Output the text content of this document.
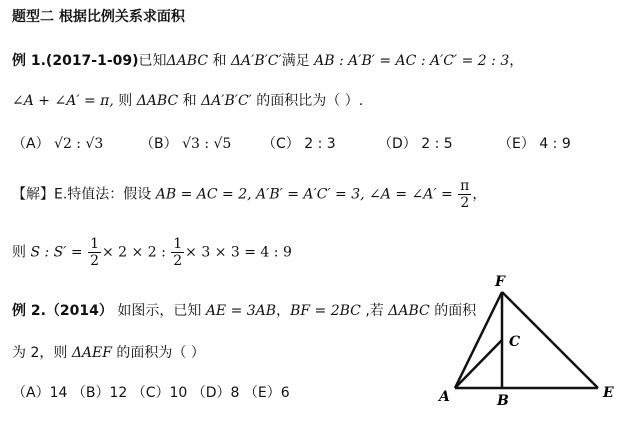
题型二 根据比例关系求面积
例 1.(2017-1-09)已知ΔABC 和 ΔA′B′C′满足 AB : A′B′ = AC : A′C′ = 2 : 3，
∠A + ∠A′ = π, 则 ΔABC 和 ΔA′B′C′ 的面积比为（ ）.
（A） √2 : √3	（B） √3 : √5 （C） 2 : 3	（D） 2 : 5	（E） 4 : 9
【解】E.特值法：假设 AB = AC = 2, A′B′ = A′C′ = 3, ∠A = ∠A′ = $\frac{\pi}{2}$ ，
则 S : $S' = \frac{1}{2} \times 2 \times 2$ : $\frac{1}{2} \times 3 \times 3 = 4$ : 9
例 2.（2014） 如图示，已知 AE = 3AB，BF = 2BC ,若 ΔABC 的面积
为 2，则 ΔAEF 的面积为（ ）
（A）14 （B）12 （C）10 （D）8 （E）6
F
C
A	B	E
